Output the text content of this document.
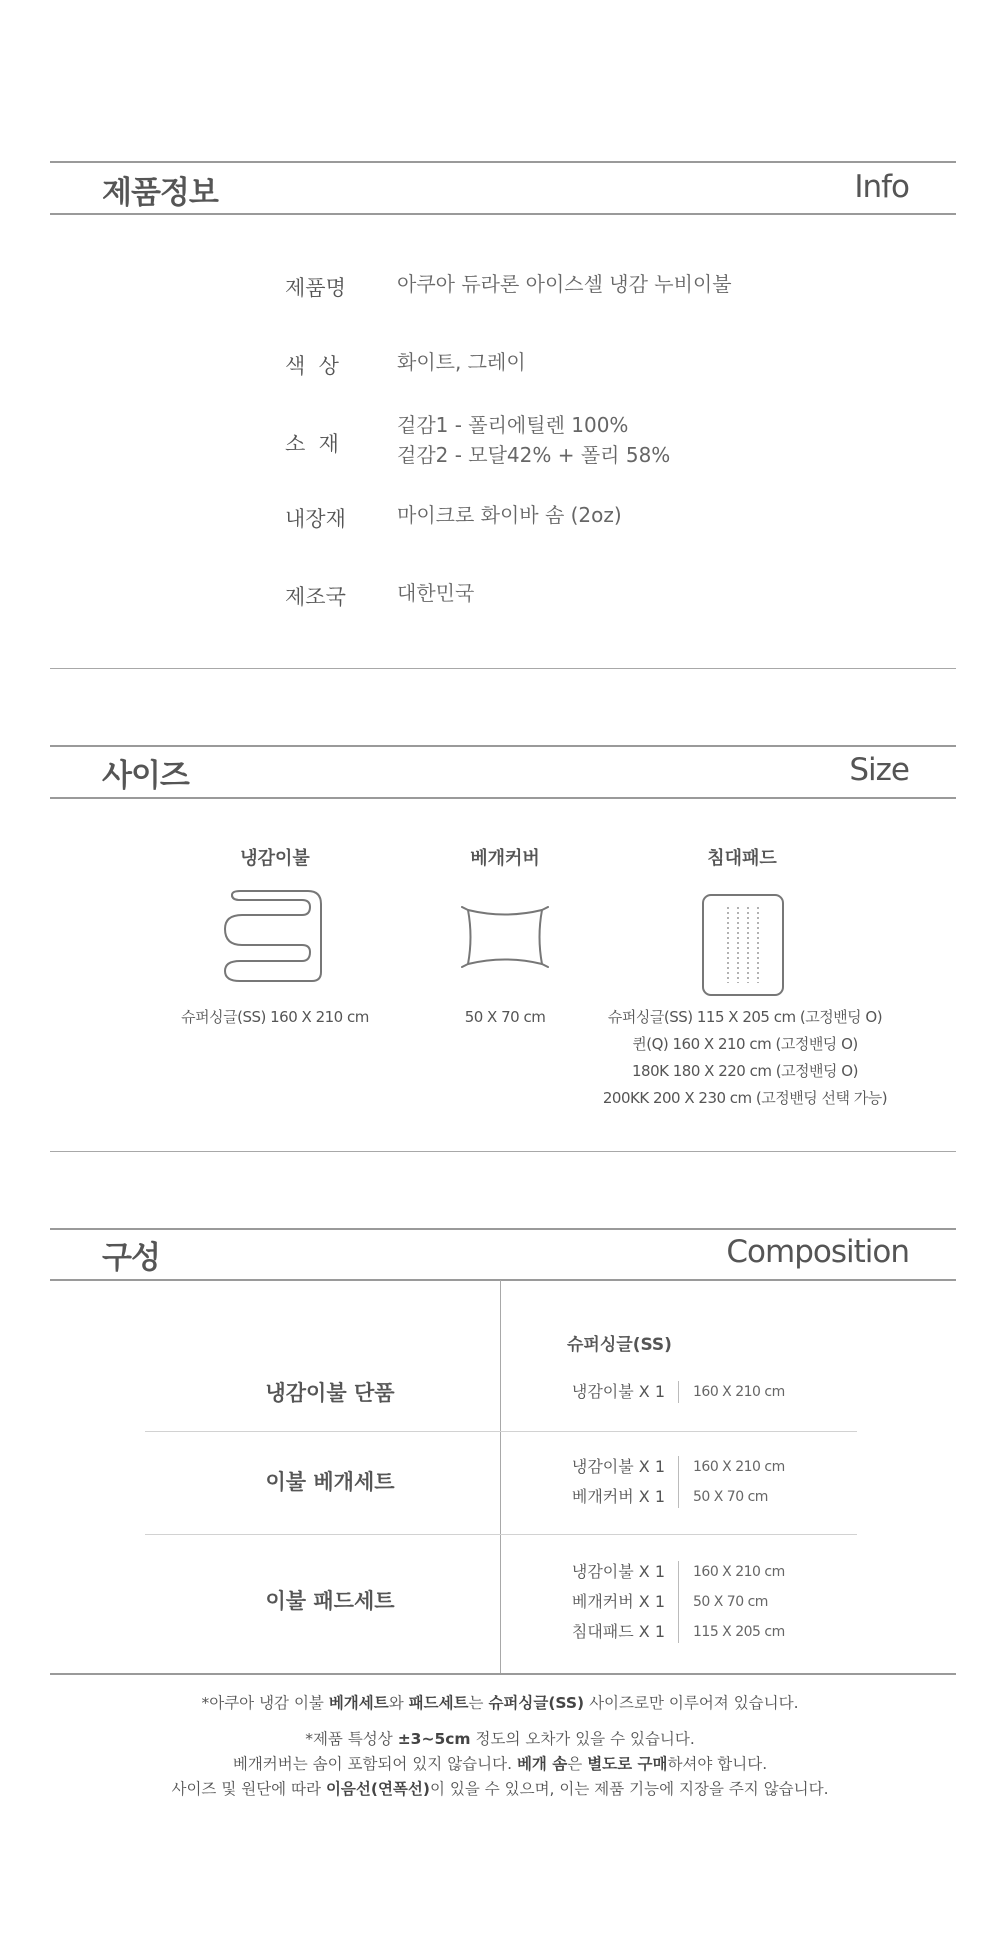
제품정보	Info
제품명	아쿠아 듀라론 아이스셀 냉감 누비이불
색  상	화이트, 그레이
소  재
겉감1 - 폴리에틸렌 100%
겉감2 - 모달42% + 폴리 58%
내장재	마이크로 화이바 솜 (2oz)
제조국	대한민국
사이즈	Size
냉감이불
슈퍼싱글(SS) 160 X 210 cm
베개커버
50 X 70 cm
침대패드
슈퍼싱글(SS) 115 X 205 cm (고정밴딩 O)
퀸(Q) 160 X 210 cm (고정밴딩 O)
180K 180 X 220 cm (고정밴딩 O)
200KK 200 X 230 cm (고정밴딩 선택 가능)
구성	Composition
슈퍼싱글(SS)
냉감이불 단품	냉감이불 X 1 160 X 210 cm
이불 베개세트
냉감이불 X 1 160 X 210 cm
베개커버 X 1 50 X 70 cm
이불 패드세트
냉감이불 X 1 160 X 210 cm
베개커버 X 1 50 X 70 cm
침대패드 X 1 115 X 205 cm
*아쿠아 냉감 이불 베개세트와 패드세트는 슈퍼싱글(SS) 사이즈로만 이루어져 있습니다.
*제품 특성상 ±3~5cm 정도의 오차가 있을 수 있습니다.
베개커버는 솜이 포함되어 있지 않습니다. 베개 솜은 별도로 구매하셔야 합니다.
사이즈 및 원단에 따라 이음선(연폭선)이 있을 수 있으며, 이는 제품 기능에 지장을 주지 않습니다.
